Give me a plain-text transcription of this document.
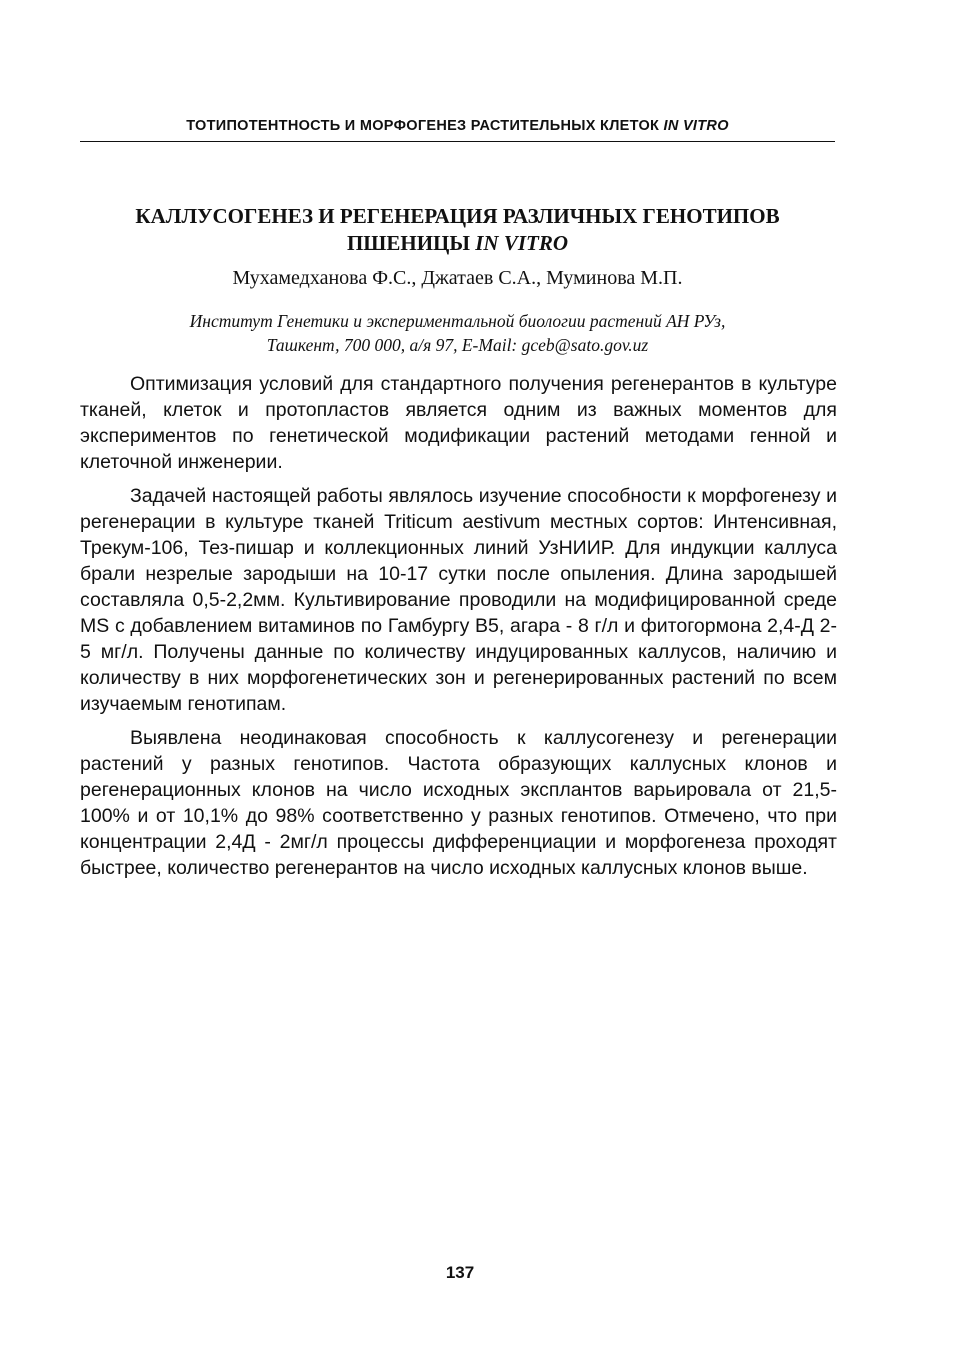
ТОТИПОТЕНТНОСТЬ И МОРФОГЕНЕЗ РАСТИТЕЛЬНЫХ КЛЕТОК IN VITRO
КАЛЛУСОГЕНЕЗ И РЕГЕНЕРАЦИЯ РАЗЛИЧНЫХ ГЕНОТИПОВ
ПШЕНИЦЫ IN VITRO
Мухамедханова Ф.С., Джатаев С.А., Муминова М.П.
Институт Генетики и экспериментальной биологии растений АН РУз,
Ташкент, 700 000, а/я 97, E-Mail: gceb@sato.gov.uz

Оптимизация условий для стандартного получения регенерантов в культуре тканей, клеток и протопластов является одним из важных моментов для экспериментов по генетической модификации растений методами генной и клеточной инженерии.

Задачей настоящей работы являлось изучение способности к морфогенезу и регенерации в культуре тканей Triticum aestivum местных сортов: Интенсивная, Трекум-106, Тез-пишар и коллекционных линий УзНИИР. Для индукции каллуса брали незрелые зародыши на 10-17 сутки после опыления. Длина зародышей составляла 0,5-2,2мм. Культивирование проводили на модифицированной среде MS с добавлением витаминов по Гамбургу B5, агара - 8 г/л и фитогормона 2,4-Д 2-5 мг/л. Получены данные по количеству индуцированных каллусов, наличию и количеству в них морфогенетических зон и регенерированных растений по всем изучаемым генотипам.

Выявлена неодинаковая способность к каллусогенезу и регенерации растений у разных генотипов. Частота образующих каллусных клонов и регенерационных клонов на число исходных эксплантов варьировала от 21,5-100% и от 10,1% до 98% соответственно у разных генотипов. Отмечено, что при концентрации 2,4Д - 2мг/л процессы дифференциации и морфогенеза проходят быстрее, количество регенерантов на число исходных каллусных клонов выше.

137
